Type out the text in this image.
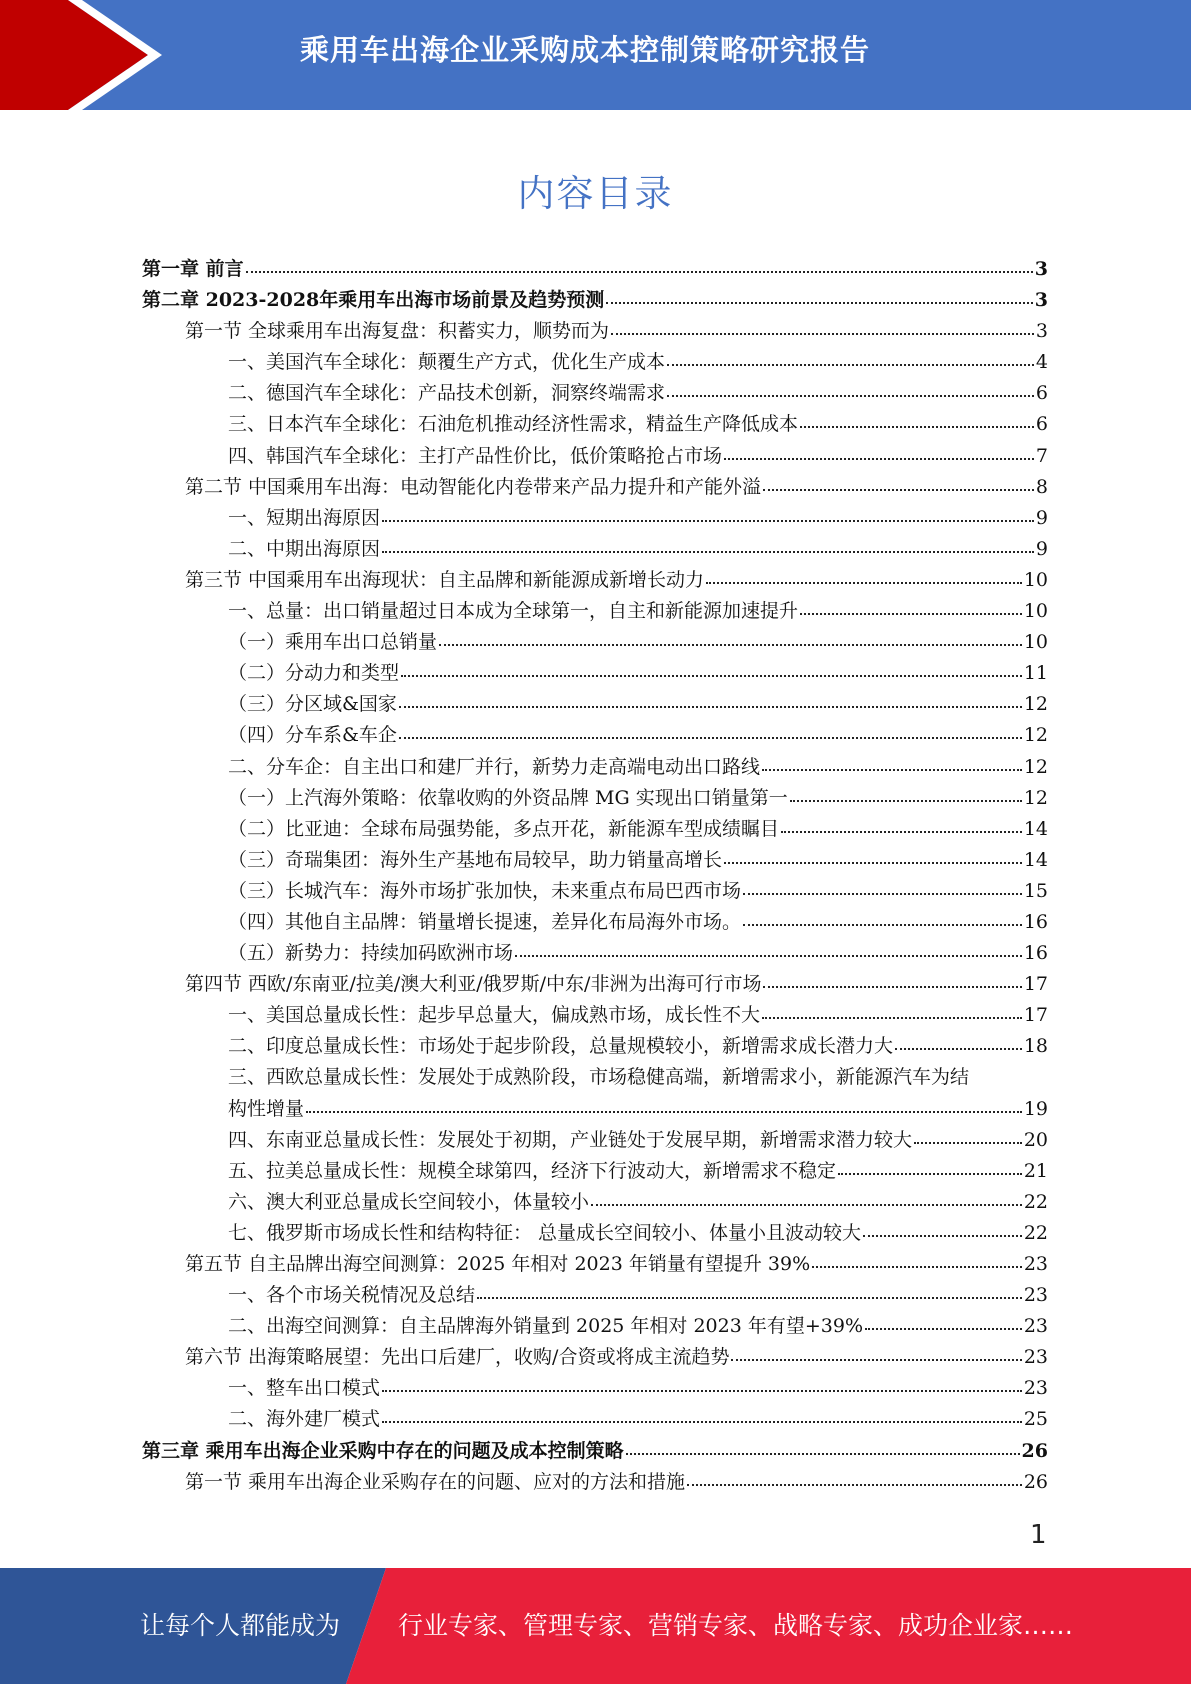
乘用车出海企业采购成本控制策略研究报告
内容目录
第一章 前言	3
第二章 2023-2028年乘用车出海市场前景及趋势预测	3
第一节 全球乘用车出海复盘：积蓄实力，顺势而为	3
一、美国汽车全球化：颠覆生产方式，优化生产成本	4
二、德国汽车全球化：产品技术创新，洞察终端需求	6
三、日本汽车全球化：石油危机推动经济性需求，精益生产降低成本	6
四、韩国汽车全球化：主打产品性价比，低价策略抢占市场	7
第二节 中国乘用车出海：电动智能化内卷带来产品力提升和产能外溢	8
一、短期出海原因	9
二、中期出海原因	9
第三节 中国乘用车出海现状：自主品牌和新能源成新增长动力	10
一、总量：出口销量超过日本成为全球第一，自主和新能源加速提升	10
（一）乘用车出口总销量	10
（二）分动力和类型	11
（三）分区域&国家	12
（四）分车系&车企	12
二、分车企：自主出口和建厂并行，新势力走高端电动出口路线	12
（一）上汽海外策略：依靠收购的外资品牌 MG 实现出口销量第一	12
（二）比亚迪：全球布局强势能，多点开花，新能源车型成绩瞩目	14
（三）奇瑞集团：海外生产基地布局较早，助力销量高增长	14
（三）长城汽车：海外市场扩张加快，未来重点布局巴西市场	15
（四）其他自主品牌：销量增长提速，差异化布局海外市场。	16
（五）新势力：持续加码欧洲市场	16
第四节 西欧/东南亚/拉美/澳大利亚/俄罗斯/中东/非洲为出海可行市场	17
一、美国总量成长性：起步早总量大，偏成熟市场，成长性不大	17
二、印度总量成长性：市场处于起步阶段，总量规模较小，新增需求成长潜力大	18
三、西欧总量成长性：发展处于成熟阶段，市场稳健高端，新增需求小，新能源汽车为结
构性增量	19
四、东南亚总量成长性：发展处于初期，产业链处于发展早期，新增需求潜力较大	20
五、拉美总量成长性：规模全球第四，经济下行波动大，新增需求不稳定	21
六、澳大利亚总量成长空间较小，体量较小	22
七、俄罗斯市场成长性和结构特征： 总量成长空间较小、体量小且波动较大	22
第五节 自主品牌出海空间测算：2025 年相对 2023 年销量有望提升 39%	23
一、各个市场关税情况及总结	23
二、出海空间测算：自主品牌海外销量到 2025 年相对 2023 年有望+39%	23
第六节 出海策略展望：先出口后建厂，收购/合资或将成主流趋势	23
一、整车出口模式	23
二、海外建厂模式	25
第三章 乘用车出海企业采购中存在的问题及成本控制策略	26
第一节 乘用车出海企业采购存在的问题、应对的方法和措施	26
1
让每个人都能成为 行业专家、管理专家、营销专家、战略专家、成功企业家……
